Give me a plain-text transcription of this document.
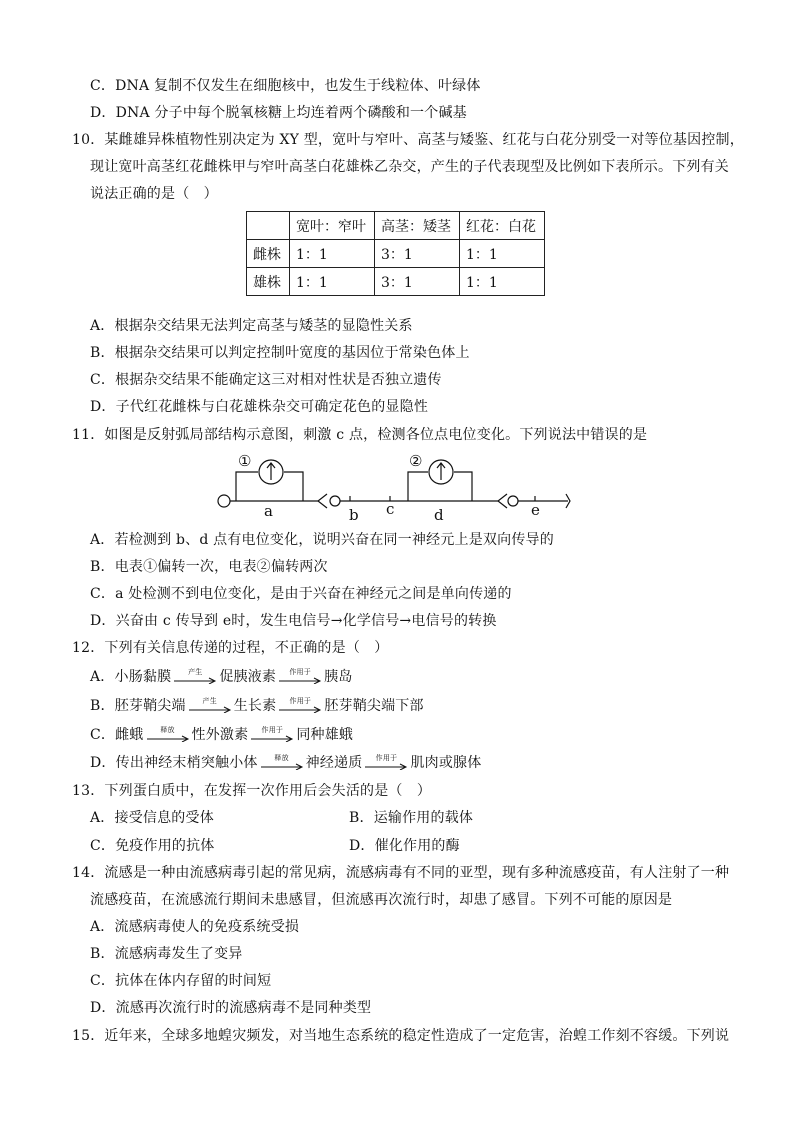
C．DNA 复制不仅发生在细胞核中，也发生于线粒体、叶绿体
D．DNA 分子中每个脱氧核糖上均连着两个磷酸和一个碱基
10．某雌雄异株植物性别决定为 XY 型，宽叶与窄叶、高茎与矮鉴、红花与白花分别受一对等位基因控制，
现让宽叶高茎红花雌株甲与窄叶高茎白花雄株乙杂交，产生的子代表现型及比例如下表所示。下列有关
说法正确的是（　）
	宽叶：窄叶	高茎：矮茎	红花：白花
雌株	1：1	3：1	1：1
雄株	1：1	3：1	1：1
A．根据杂交结果无法判定高茎与矮茎的显隐性关系
B．根据杂交结果可以判定控制叶宽度的基因位于常染色体上
C．根据杂交结果不能确定这三对相对性状是否独立遗传
D．子代红花雌株与白花雄株杂交可确定花色的显隐性
11．如图是反射弧局部结构示意图，刺激 c 点，检测各位点电位变化。下列说法中错误的是
①	②
a	b c	d	e
A．若检测到 b、d 点有电位变化，说明兴奋在同一神经元上是双向传导的
B．电表①偏转一次，电表②偏转两次
C．a 处检测不到电位变化，是由于兴奋在神经元之间是单向传递的
D．兴奋由 c 传导到 e时，发生电信号→化学信号→电信号的转换
12．下列有关信息传递的过程，不正确的是（　）
A．小肠黏膜	产生	促胰液素	作用于 胰岛
B．胚芽鞘尖端	产生	生长素	作用于 胚芽鞘尖端下部
C．雌蛾	释放	性外激素	作用于 同种雄蛾
D．传出神经末梢突触小体	释放	神经递质	作用于 肌肉或腺体
13．下列蛋白质中，在发挥一次作用后会失活的是（　）
A．接受信息的受体	B．运输作用的载体
C．免疫作用的抗体	D．催化作用的酶
14．流感是一种由流感病毒引起的常见病，流感病毒有不同的亚型，现有多种流感疫苗，有人注射了一种
流感疫苗，在流感流行期间未患感冒，但流感再次流行时，却患了感冒。下列不可能的原因是
A．流感病毒使人的免疫系统受损
B．流感病毒发生了变异
C．抗体在体内存留的时间短
D．流感再次流行时的流感病毒不是同种类型
15．近年来，全球多地蝗灾频发，对当地生态系统的稳定性造成了一定危害，治蝗工作刻不容缓。下列说
